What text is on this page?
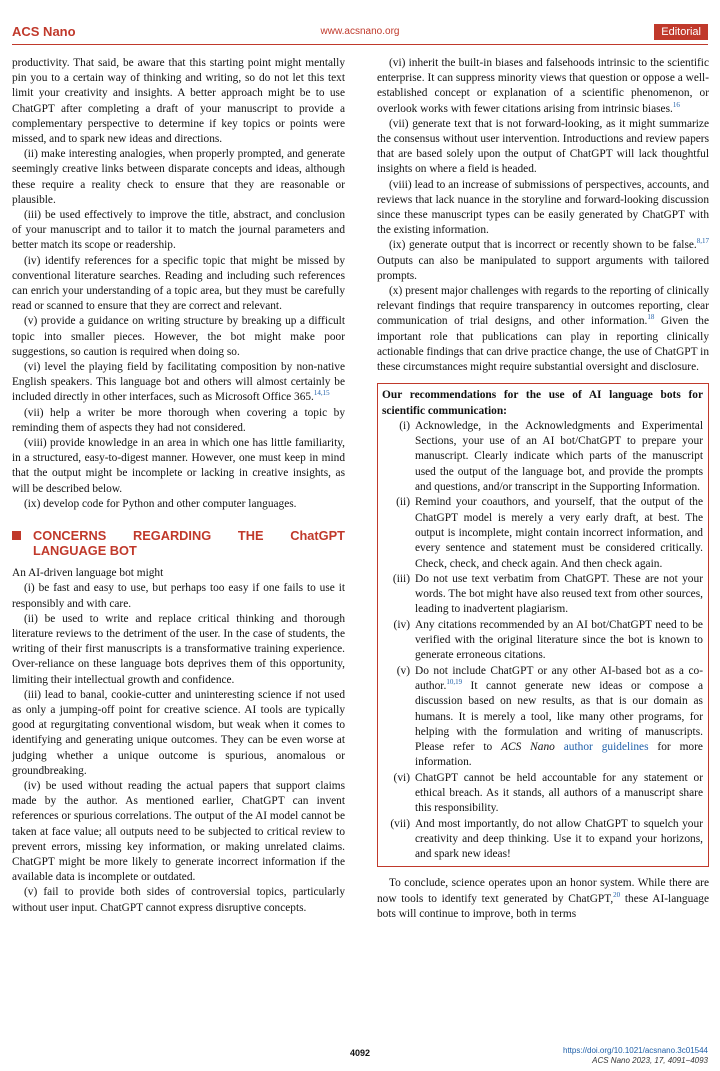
ACS Nano	www.acsnano.org	Editorial

productivity. That said, be aware that this starting point might mentally pin you to a certain way of thinking and writing, so do not let this text limit your creativity and insights. A better approach might be to use ChatGPT after completing a draft of your manuscript to provide a complementary perspective to determine if key topics or points were missed, and to spark new ideas and directions.

(ii) make interesting analogies, when properly prompted, and generate seemingly creative links between disparate concepts and ideas, although these require a reality check to ensure that they are reasonable or plausible.

(iii) be used effectively to improve the title, abstract, and conclusion of your manuscript and to tailor it to match the journal parameters and better match its scope or readership.

(iv) identify references for a specific topic that might be missed by conventional literature searches. Reading and including such references can enrich your understanding of a topic area, but they must be carefully read or scanned to ensure that they are correct and relevant.

(v) provide a guidance on writing structure by breaking up a difficult topic into smaller pieces. However, the bot might make poor suggestions, so caution is required when doing so.

(vi) level the playing field by facilitating composition by non-native English speakers. This language bot and others will almost certainly be included directly in other interfaces, such as Microsoft Office 365.$^{14,15}$

(vii) help a writer be more thorough when covering a topic by reminding them of aspects they had not considered.

(viii) provide knowledge in an area in which one has little familiarity, in a structured, easy-to-digest manner. However, one must keep in mind that the output might be incomplete or lacking in creative insights, as will be described below.

(ix) develop code for Python and other computer languages.

CONCERNS REGARDING THE ChatGPT LANGUAGE BOT

An AI-driven language bot might

(i) be fast and easy to use, but perhaps too easy if one fails to use it responsibly and with care.

(ii) be used to write and replace critical thinking and thorough literature reviews to the detriment of the user. In the case of students, the writing of their first manuscripts is a transformative training experience. Over-reliance on these language bots deprives them of this opportunity, limiting their intellectual growth and confidence.

(iii) lead to banal, cookie-cutter and uninteresting science if not used as only a jumping-off point for creative science. AI tools are typically good at regurgitating conventional wisdom, but weak when it comes to identifying and generating unique outcomes. They can be even worse at judging whether a unique outcome is spurious, anomalous or groundbreaking.

(iv) be used without reading the actual papers that support claims made by the author. As mentioned earlier, ChatGPT can invent references or spurious correlations. The output of the AI model cannot be taken at face value; all outputs need to be subjected to critical review to prevent errors, missing key information, or making unrelated claims. ChatGPT might be more likely to generate incorrect information if the available data is incomplete or outdated.

(v) fail to provide both sides of controversial topics, particularly without user input. ChatGPT cannot express disruptive concepts.

(vi) inherit the built-in biases and falsehoods intrinsic to the scientific enterprise. It can suppress minority views that question or oppose a well-established concept or explanation of a scientific phenomenon, or overlook works with fewer citations arising from intrinsic biases.$^{16}$

(vii) generate text that is not forward-looking, as it might summarize the consensus without user intervention. Introductions and review papers that are based solely upon the output of ChatGPT will lack thoughtful insights on where a field is headed.

(viii) lead to an increase of submissions of perspectives, accounts, and reviews that lack nuance in the storyline and forward-looking discussion since these manuscript types can be easily generated by ChatGPT with the existing information.

(ix) generate output that is incorrect or recently shown to be false.$^{8,17}$ Outputs can also be manipulated to support arguments with tailored prompts.

(x) present major challenges with regards to the reporting of clinically relevant findings that require transparency in outcomes reporting, clear communication of trial designs, and other information.$^{18}$ Given the important role that publications can play in reporting clinically actionable findings that can drive practice change, the use of ChatGPT in these circumstances might require substantial oversight and disclosure.

Our recommendations for the use of AI language bots for scientific communication:
(i) Acknowledge, in the Acknowledgments and Experimental Sections, your use of an AI bot/ChatGPT to prepare your manuscript. Clearly indicate which parts of the manuscript used the output of the language bot, and provide the prompts and questions, and/or transcript in the Supporting Information.
(ii) Remind your coauthors, and yourself, that the output of the ChatGPT model is merely a very early draft, at best. The output is incomplete, might contain incorrect information, and every sentence and statement must be considered critically. Check, check, and check again. And then check again.
(iii) Do not use text verbatim from ChatGPT. These are not your words. The bot might have also reused text from other sources, leading to inadvertent plagiarism.
(iv) Any citations recommended by an AI bot/ChatGPT need to be verified with the original literature since the bot is known to generate erroneous citations.
(v) Do not include ChatGPT or any other AI-based bot as a co-author.$^{10,19}$ It cannot generate new ideas or compose a discussion based on new results, as that is our domain as humans. It is merely a tool, like many other programs, for helping with the formulation and writing of manuscripts. Please refer to ACS Nano author guidelines for more information.
(vi) ChatGPT cannot be held accountable for any statement or ethical breach. As it stands, all authors of a manuscript share this responsibility.
(vii) And most importantly, do not allow ChatGPT to squelch your creativity and deep thinking. Use it to expand your horizons, and spark new ideas!

To conclude, science operates upon an honor system. While there are now tools to identify text generated by ChatGPT,$^{20}$ these AI-language bots will continue to improve, both in terms

4092	https://doi.org/10.1021/acsnano.3c01544
ACS Nano 2023, 17, 4091−4093
